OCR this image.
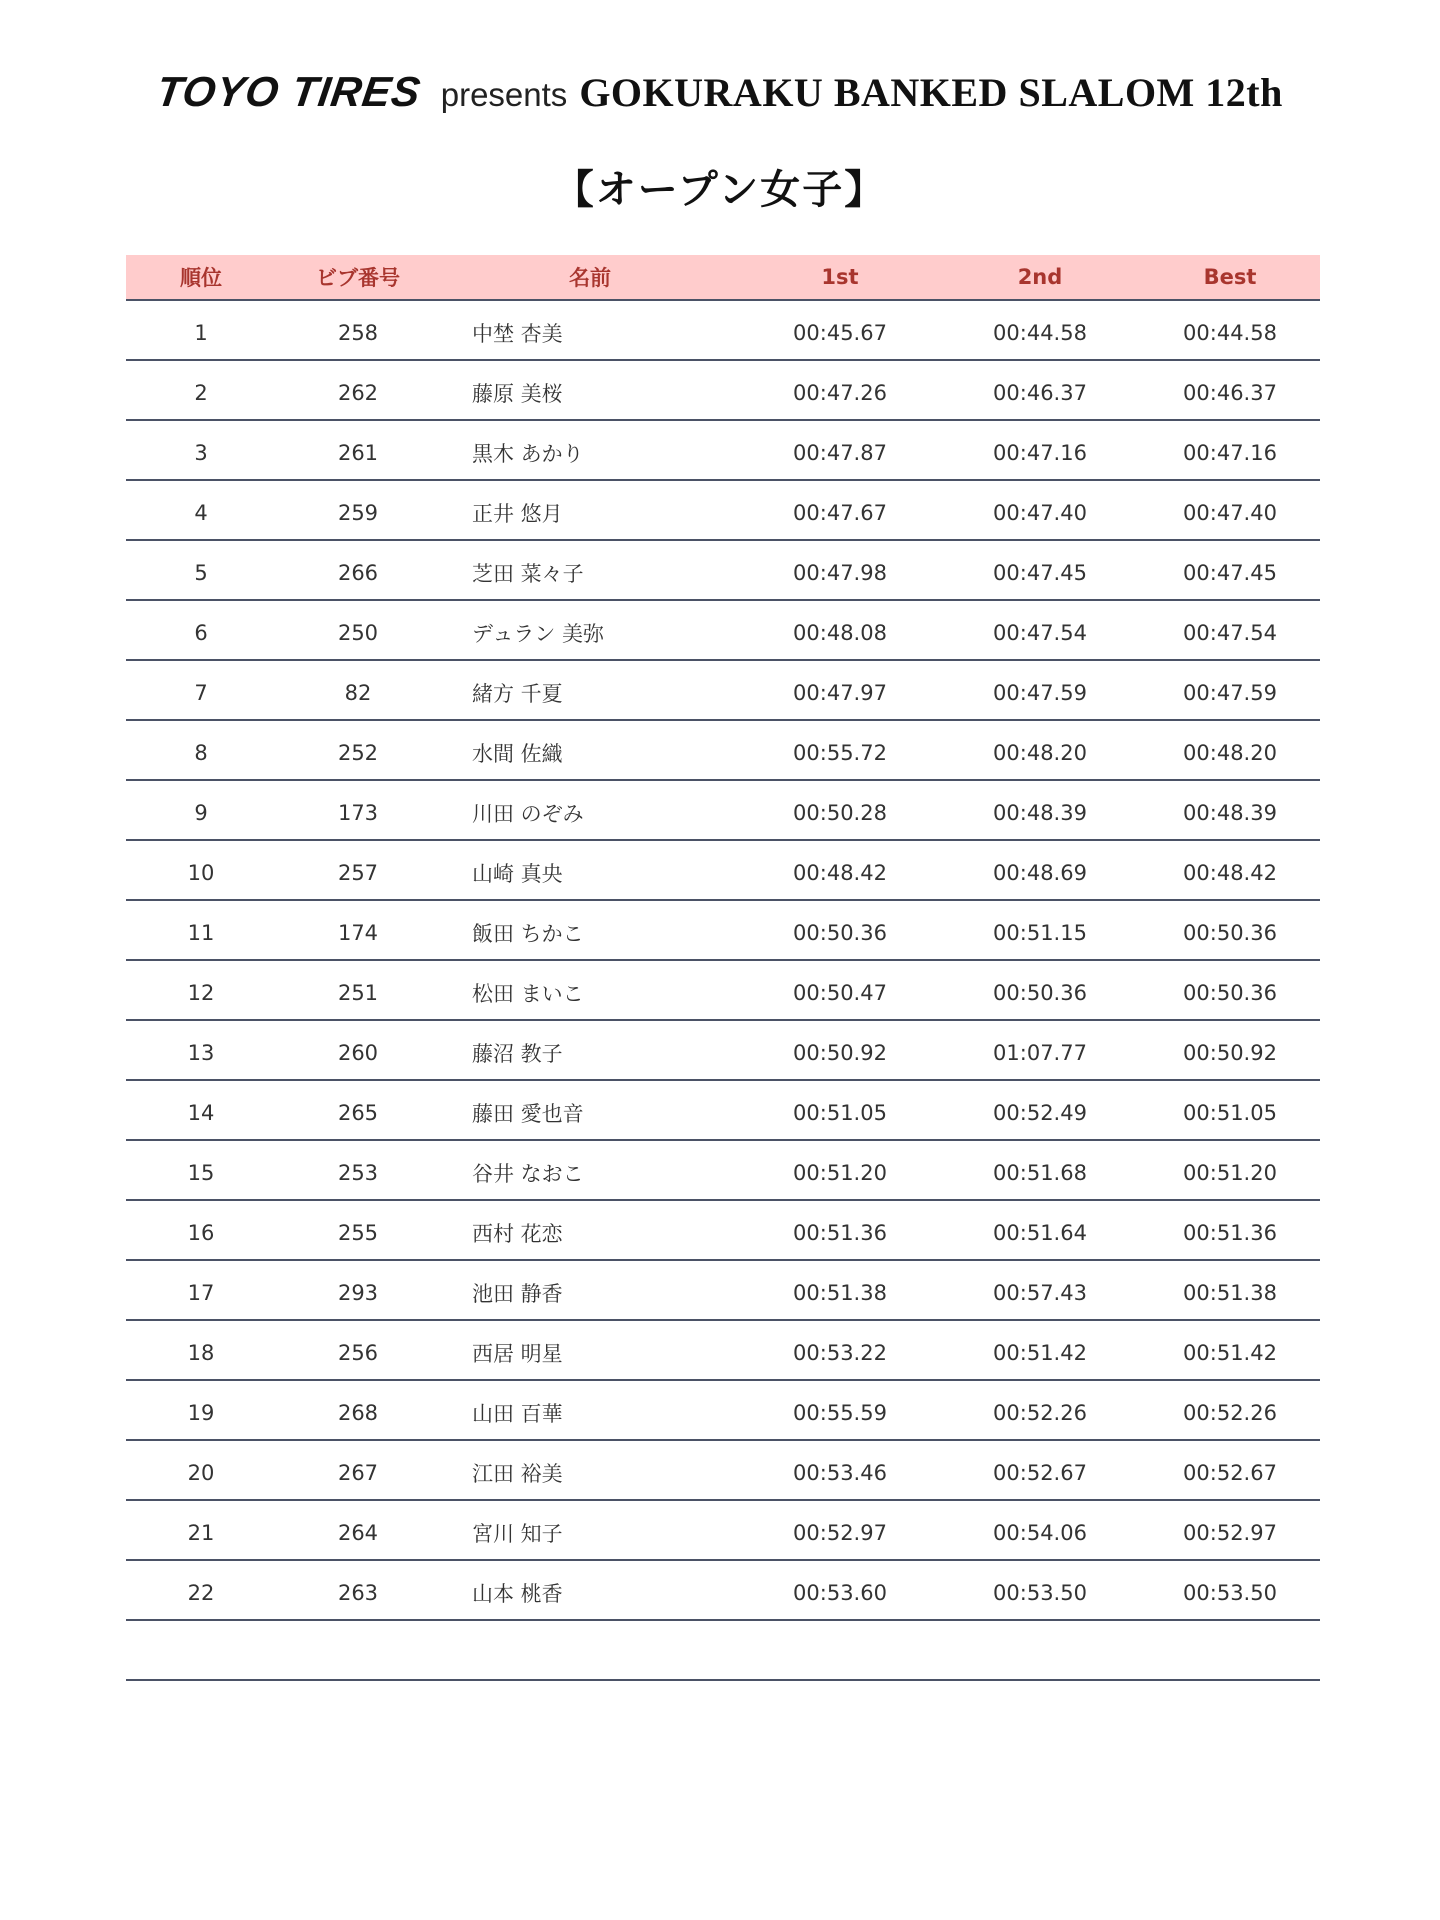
TOYO TIRES presents GOKURAKU BANKED SLALOM 12th
【オープン女子】
順位	ビブ番号	名前	1st	2nd	Best
1	258	中埜 杏美	00:45.67	00:44.58	00:44.58
2	262	藤原 美桜	00:47.26	00:46.37	00:46.37
3	261	黒木 あかり	00:47.87	00:47.16	00:47.16
4	259	正井 悠月	00:47.67	00:47.40	00:47.40
5	266	芝田 菜々子	00:47.98	00:47.45	00:47.45
6	250	デュラン 美弥	00:48.08	00:47.54	00:47.54
7	82	緒方 千夏	00:47.97	00:47.59	00:47.59
8	252	水間 佐織	00:55.72	00:48.20	00:48.20
9	173	川田 のぞみ	00:50.28	00:48.39	00:48.39
10	257	山崎 真央	00:48.42	00:48.69	00:48.42
11	174	飯田 ちかこ	00:50.36	00:51.15	00:50.36
12	251	松田 まいこ	00:50.47	00:50.36	00:50.36
13	260	藤沼 教子	00:50.92	01:07.77	00:50.92
14	265	藤田 愛也音	00:51.05	00:52.49	00:51.05
15	253	谷井 なおこ	00:51.20	00:51.68	00:51.20
16	255	西村 花恋	00:51.36	00:51.64	00:51.36
17	293	池田 静香	00:51.38	00:57.43	00:51.38
18	256	西居 明星	00:53.22	00:51.42	00:51.42
19	268	山田 百華	00:55.59	00:52.26	00:52.26
20	267	江田 裕美	00:53.46	00:52.67	00:52.67
21	264	宮川 知子	00:52.97	00:54.06	00:52.97
22	263	山本 桃香	00:53.60	00:53.50	00:53.50
